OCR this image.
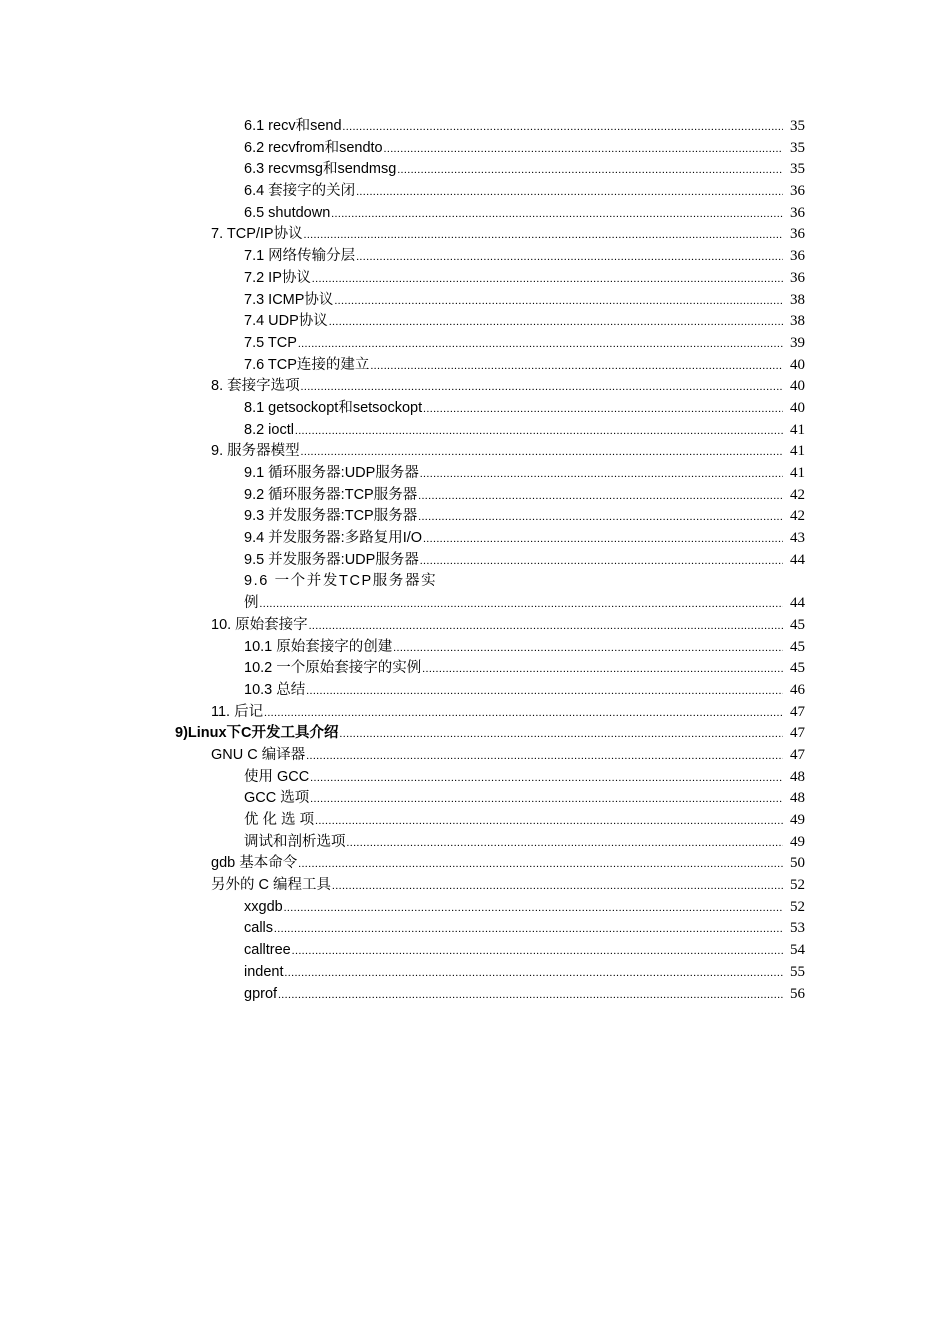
6.1 recv和send .....	35
6.2 recvfrom和sendto .....	35
6.3 recvmsg和sendmsg .....	35
6.4 套接字的关闭 .....	36
6.5 shutdown .....	36
7. TCP/IP协议 .....	36
7.1 网络传输分层 .....	36
7.2 IP协议 .....	36
7.3 ICMP协议 .....	38
7.4 UDP协议 .....	38
7.5 TCP .....	39
7.6 TCP连接的建立 .....	40
8. 套接字选项 .....	40
8.1 getsockopt和setsockopt .....	40
8.2 ioctl .....	41
9. 服务器模型 .....	41
9.1 循环服务器:UDP服务器 .....	41
9.2 循环服务器:TCP服务器 .....	42
9.3 并发服务器:TCP服务器 .....	42
9.4 并发服务器:多路复用I/O .....	43
9.5 并发服务器:UDP服务器 .....	44
9.6 一个并发TCP服务器实
例 .....	44
10. 原始套接字 .....	45
10.1 原始套接字的创建 .....	45
10.2 一个原始套接字的实例 .....	45
10.3 总结 .....	46
11. 后记 .....	47
9)Linux下C开发工具介绍 .....	47
GNU C 编译器 .....	47
使用 GCC .....	48
GCC 选项 .....	48
优 化 选 项 .....	49
调试和剖析选项 .....	49
gdb 基本命令 .....	50
另外的 C 编程工具 .....	52
xxgdb .....	52
calls .....	53
calltree .....	54
indent .....	55
gprof .....	56
